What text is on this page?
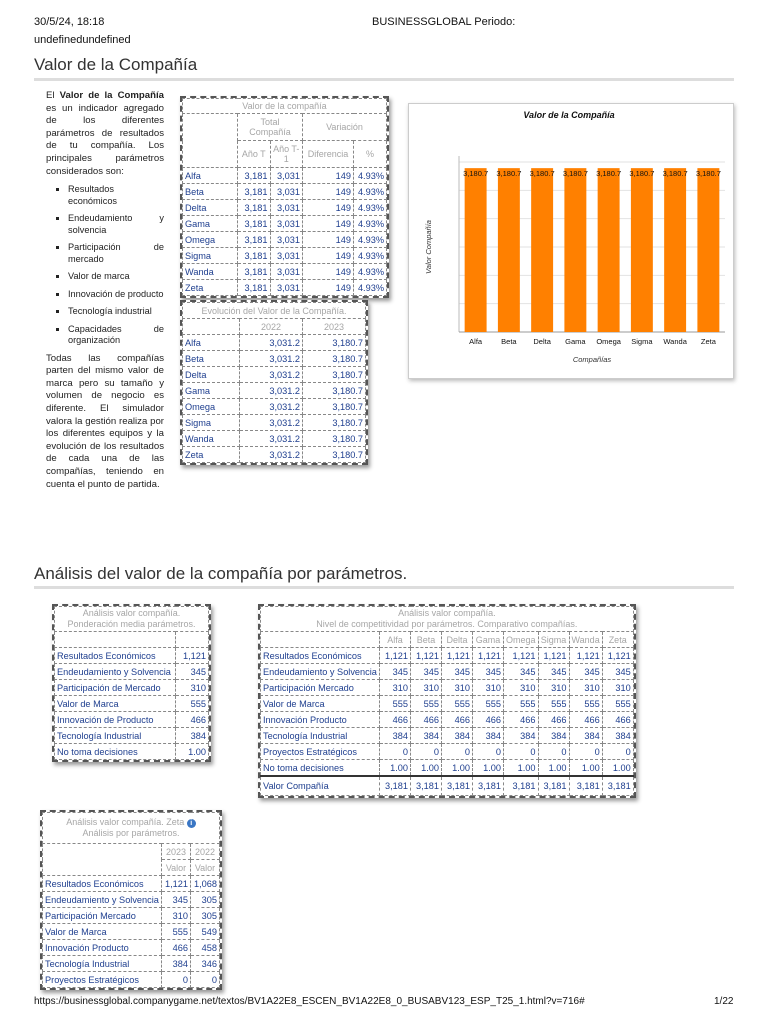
30/5/24, 18:18	BUSINESSGLOBAL Periodo:
undefinedundefined
Valor de la Compañía

El Valor de la Compañía es un indicador agregado de los diferentes parámetros de resultados de tu compañía. Los principales parámetros considerados son:

▪ Resultados económicos
▪ Endeudamiento y solvencia
▪ Participación de mercado
▪ Valor de marca
▪ Innovación de producto
▪ Tecnología industrial
▪ Capacidades de organización

Todas las compañías parten del mismo valor de marca pero su tamaño y volumen de negocio es diferente. El simulador valora la gestión realiza por los diferentes equipos y la evolución de los resultados de cada una de las compañías, teniendo en cuenta el punto de partida.

Valor de la compañía				
	Total Compañía		Variación	
	Año T	Año T-1	Diferencia	%
Alfa	3,181	3,031	149	4.93%
Beta	3,181	3,031	149	4.93%
Delta	3,181	3,031	149	4.93%
Gama	3,181	3,031	149	4.93%
Omega	3,181	3,031	149	4.93%
Sigma	3,181	3,031	149	4.93%
Wanda	3,181	3,031	149	4.93%
Zeta	3,181	3,031	149	4.93%
Evolución del Valor de la Compañía.		
	2022	2023
Alfa	3,031.2	3,180.7
Beta	3,031.2	3,180.7
Delta	3,031.2	3,180.7
Gama	3,031.2	3,180.7
Omega	3,031.2	3,180.7
Sigma	3,031.2	3,180.7
Wanda	3,031.2	3,180.7
Zeta	3,031.2	3,180.7
Valor de la Compañía
3,180.7
Alfa
3,180.7
Beta
3,180.7
Delta
3,180.7
Gama
3,180.7
Omega
3,180.7
Sigma
3,180.7
Wanda
3,180.7
Zeta
Compañías
Valor Compañía
Análisis del valor de la compañía por parámetros.
Análisis valor compañía.
Ponderación media parámetros.	

Resultados Económicos	1,121
Endeudamiento y Solvencia	345
Participación de Mercado	310
Valor de Marca	555
Innovación de Producto	466
Tecnología Industrial	384
No toma decisiones	1.00
Análisis valor compañía.
Nivel de competitividad por parámetros. Comparativo compañías.								

	Alfa	Beta	Delta	Gama	Omega	Sigma	Wanda	Zeta
Resultados Económicos	1,121	1,121	1,121	1,121	1,121	1,121	1,121	1,121
Endeudamiento y Solvencia	345	345	345	345	345	345	345	345
Participación Mercado	310	310	310	310	310	310	310	310
Valor de Marca	555	555	555	555	555	555	555	555
Innovación Producto	466	466	466	466	466	466	466	466
Tecnología Industrial	384	384	384	384	384	384	384	384
Proyectos Estratégicos	0	0	0	0	0	0	0	0
No toma decisiones	1.00	1.00	1.00	1.00	1.00	1.00	1.00	1.00
Valor Compañía	3,181	3,181	3,181	3,181	3,181	3,181	3,181	3,181
Análisis valor compañía. Zeta i
Análisis por parámetros.		

	2023	2022
	Valor	Valor
Resultados Económicos	1,121	1,068
Endeudamiento y Solvencia	345	305
Participación Mercado	310	305
Valor de Marca	555	549
Innovación Producto	466	458
Tecnología Industrial	384	346
Proyectos Estratégicos	0	0
https://businessglobal.companygame.net/textos/BV1A22E8_ESCEN_BV1A22E8_0_BUSABV123_ESP_T25_1.html?v=716#	1/22
